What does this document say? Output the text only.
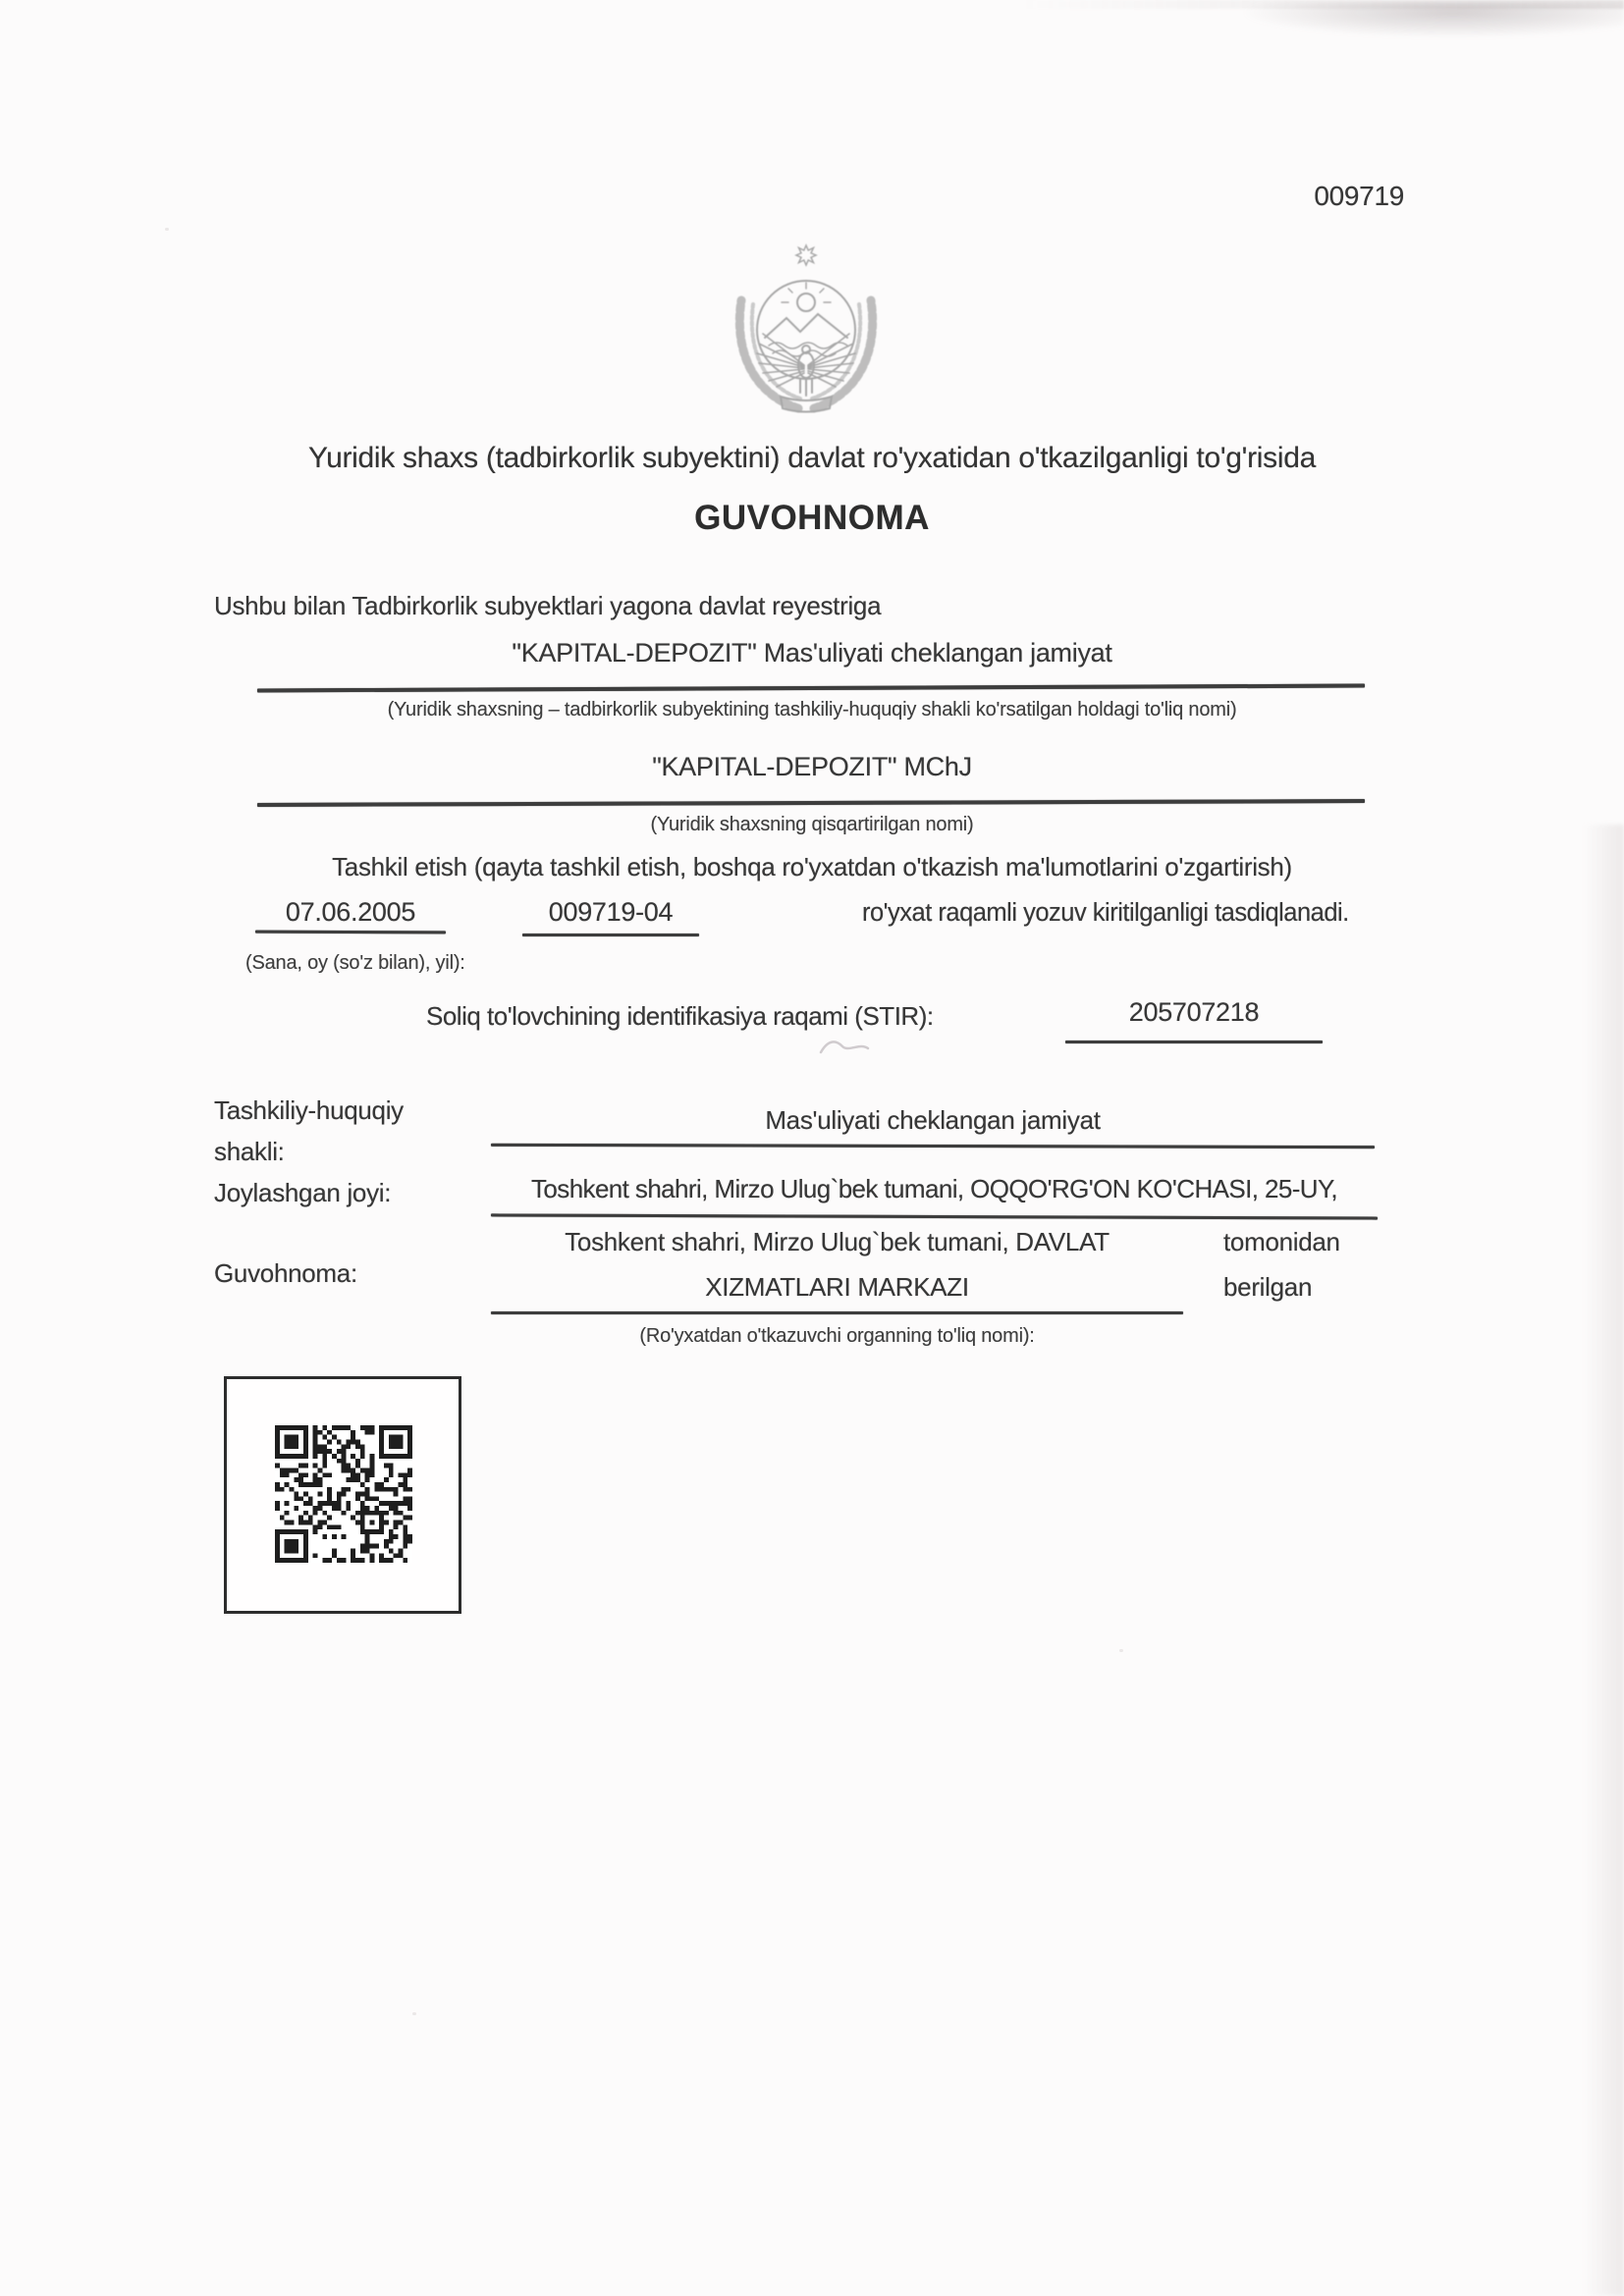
009719
Yuridik shaxs (tadbirkorlik subyektini) davlat ro'yxatidan o'tkazilganligi to'g'risida
GUVOHNOMA
Ushbu bilan Tadbirkorlik subyektlari yagona davlat reyestriga
"KAPITAL-DEPOZIT" Mas'uliyati cheklangan jamiyat
(Yuridik shaxsning – tadbirkorlik subyektining tashkiliy-huquqiy shakli ko'rsatilgan holdagi to'liq nomi)
"KAPITAL-DEPOZIT" MChJ
(Yuridik shaxsning qisqartirilgan nomi)
Tashkil etish (qayta tashkil etish, boshqa ro'yxatdan o'tkazish ma'lumotlarini o'zgartirish)
07.06.2005	009719-04	ro'yxat raqamli yozuv kiritilganligi tasdiqlanadi.
(Sana, oy (so'z bilan), yil):
Soliq to'lovchining identifikasiya raqami (STIR):	205707218
Tashkiliy-huquqiy
shakli:
Mas'uliyati cheklangan jamiyat
Joylashgan joyi:	Toshkent shahri, Mirzo Ulug`bek tumani, OQQO'RG'ON KO'CHASI, 25-UY,
Guvohnoma:
Toshkent shahri, Mirzo Ulug`bek tumani, DAVLAT
XIZMATLARI MARKAZI
tomonidan
berilgan
(Ro'yxatdan o'tkazuvchi organning to'liq nomi):
